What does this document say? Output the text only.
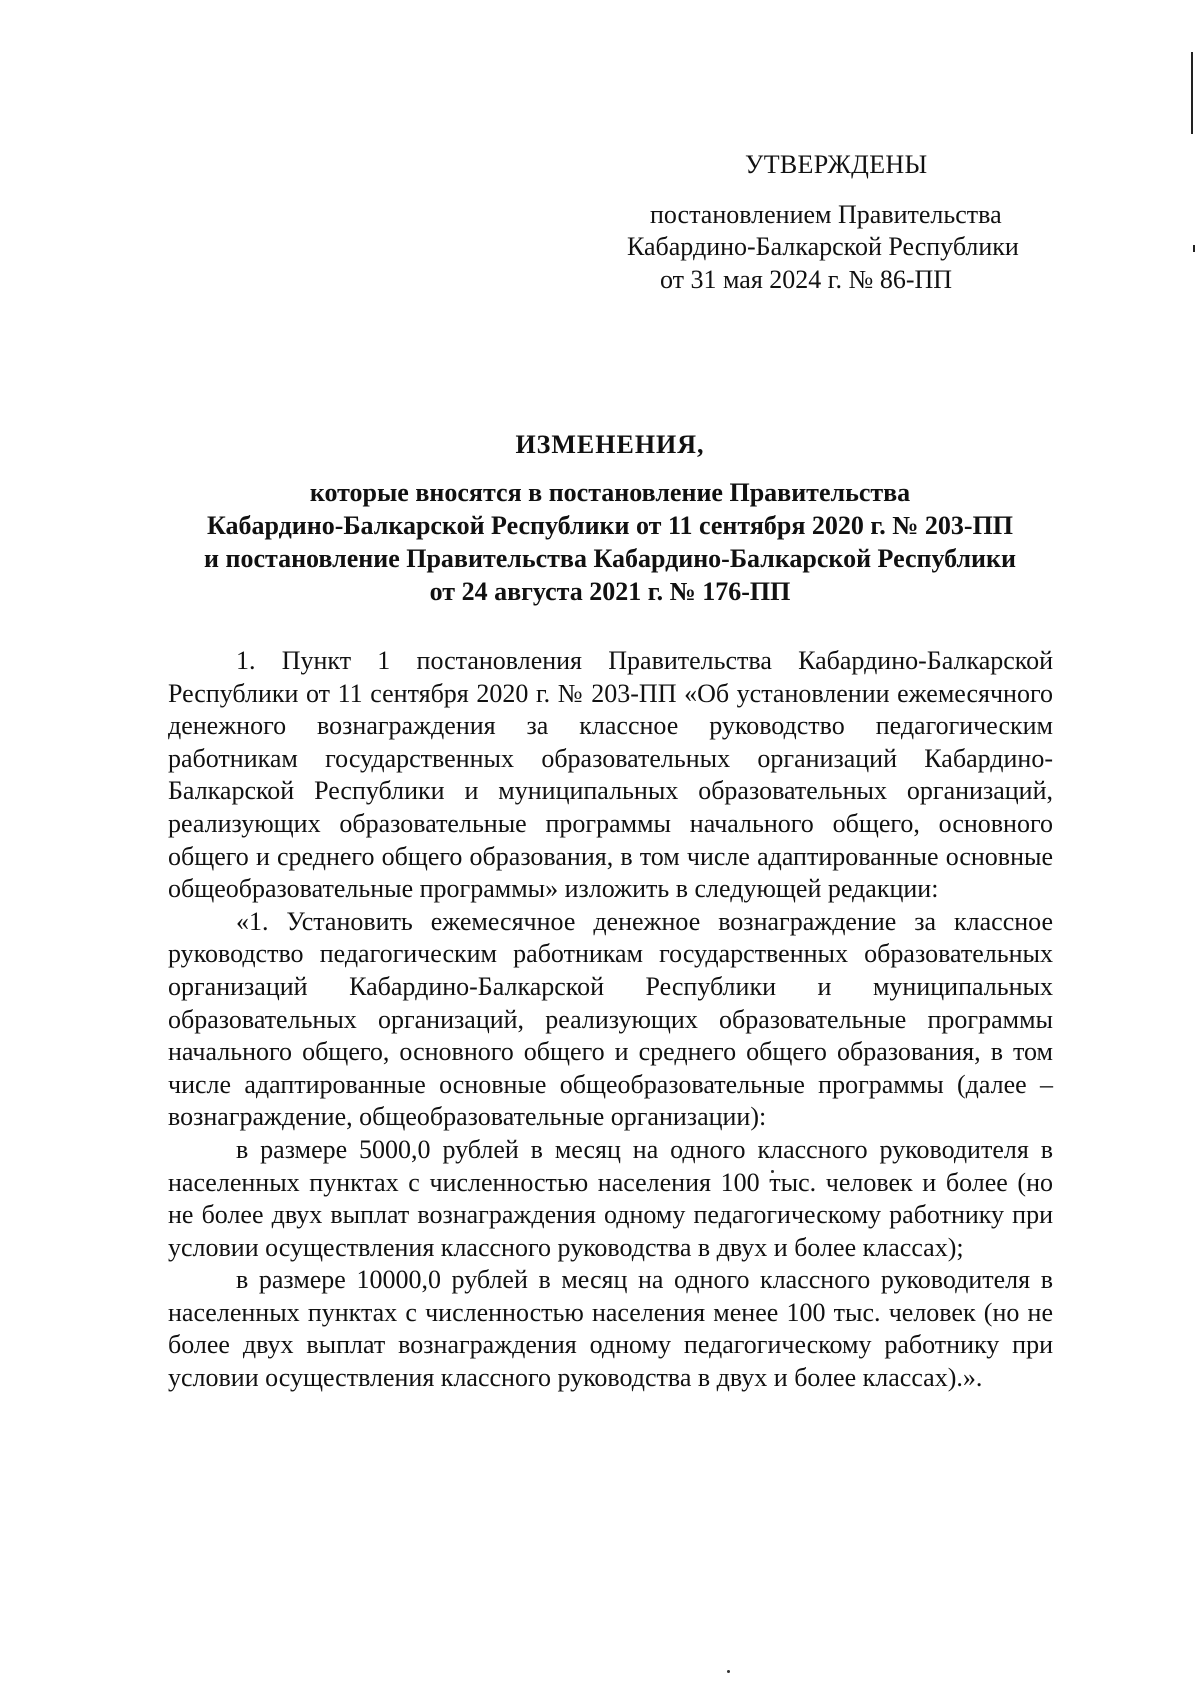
УТВЕРЖДЕНЫ
постановлением Правительства
Кабардино-Балкарской Республики
от 31 мая 2024 г. № 86-ПП
ИЗМЕНЕНИЯ,
которые вносятся в постановление Правительства
Кабардино-Балкарской Республики от 11 сентября 2020 г. № 203-ПП
и постановление Правительства Кабардино-Балкарской Республики
от 24 августа 2021 г. № 176-ПП

1. Пункт 1 постановления Правительства Кабардино-Балкарской Республики от 11 сентября 2020 г. № 203-ПП «Об установлении ежемесячного денежного вознаграждения за классное руководство педагогическим работникам государственных образовательных организаций Кабардино-Балкарской Республики и муниципальных образовательных организаций, реализующих образовательные программы начального общего, основного общего и среднего общего образования, в том числе адаптированные основные общеобразовательные программы» изложить в следующей редакции:

«1. Установить ежемесячное денежное вознаграждение за классное руководство педагогическим работникам государственных образовательных организаций Кабардино-Балкарской Республики и муниципальных образовательных организаций, реализующих образовательные программы начального общего, основного общего и среднего общего образования, в том числе адаптированные основные общеобразовательные программы (далее – вознаграждение, общеобразовательные организации):

в размере 5000,0 рублей в месяц на одного классного руководителя в населенных пунктах с численностью населения 100 тыс. человек и более (но не более двух выплат вознаграждения одному педагогическому работнику при условии осуществления классного руководства в двух и более классах);

в размере 10000,0 рублей в месяц на одного классного руководителя в населенных пунктах с численностью населения менее 100 тыс. человек (но не более двух выплат вознаграждения одному педагогическому работнику при условии осуществления классного руководства в двух и более классах).».
